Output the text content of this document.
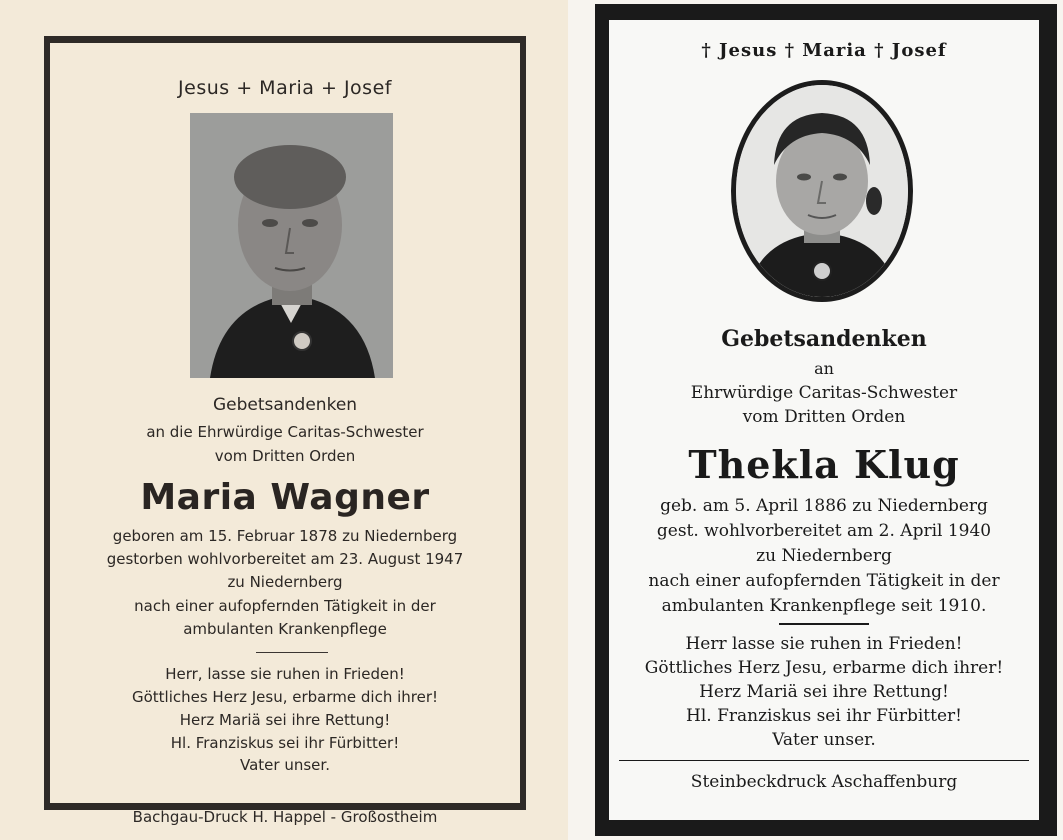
Jesus + Maria + Josef
Gebetsandenken
an die Ehrwürdige Caritas-Schwester
vom Dritten Orden
Maria Wagner
geboren am 15. Februar 1878 zu Niedernberg
gestorben wohlvorbereitet am 23. August 1947
zu Niedernberg
nach einer aufopfernden Tätigkeit in der
ambulanten Krankenpflege
Herr, lasse sie ruhen in Frieden!
Göttliches Herz Jesu, erbarme dich ihrer!
Herz Mariä sei ihre Rettung!
Hl. Franziskus sei ihr Fürbitter!
Vater unser.
Bachgau-Druck H. Happel - Großostheim
† Jesus † Maria † Josef
Gebetsandenken
an
Ehrwürdige Caritas-Schwester
vom Dritten Orden
Thekla Klug
geb. am 5. April 1886 zu Niedernberg
gest. wohlvorbereitet am 2. April 1940
zu Niedernberg
nach einer aufopfernden Tätigkeit in der
ambulanten Krankenpflege seit 1910.
Herr lasse sie ruhen in Frieden!
Göttliches Herz Jesu, erbarme dich ihrer!
Herz Mariä sei ihre Rettung!
Hl. Franziskus sei ihr Fürbitter!
Vater unser.
Steinbeckdruck Aschaffenburg
